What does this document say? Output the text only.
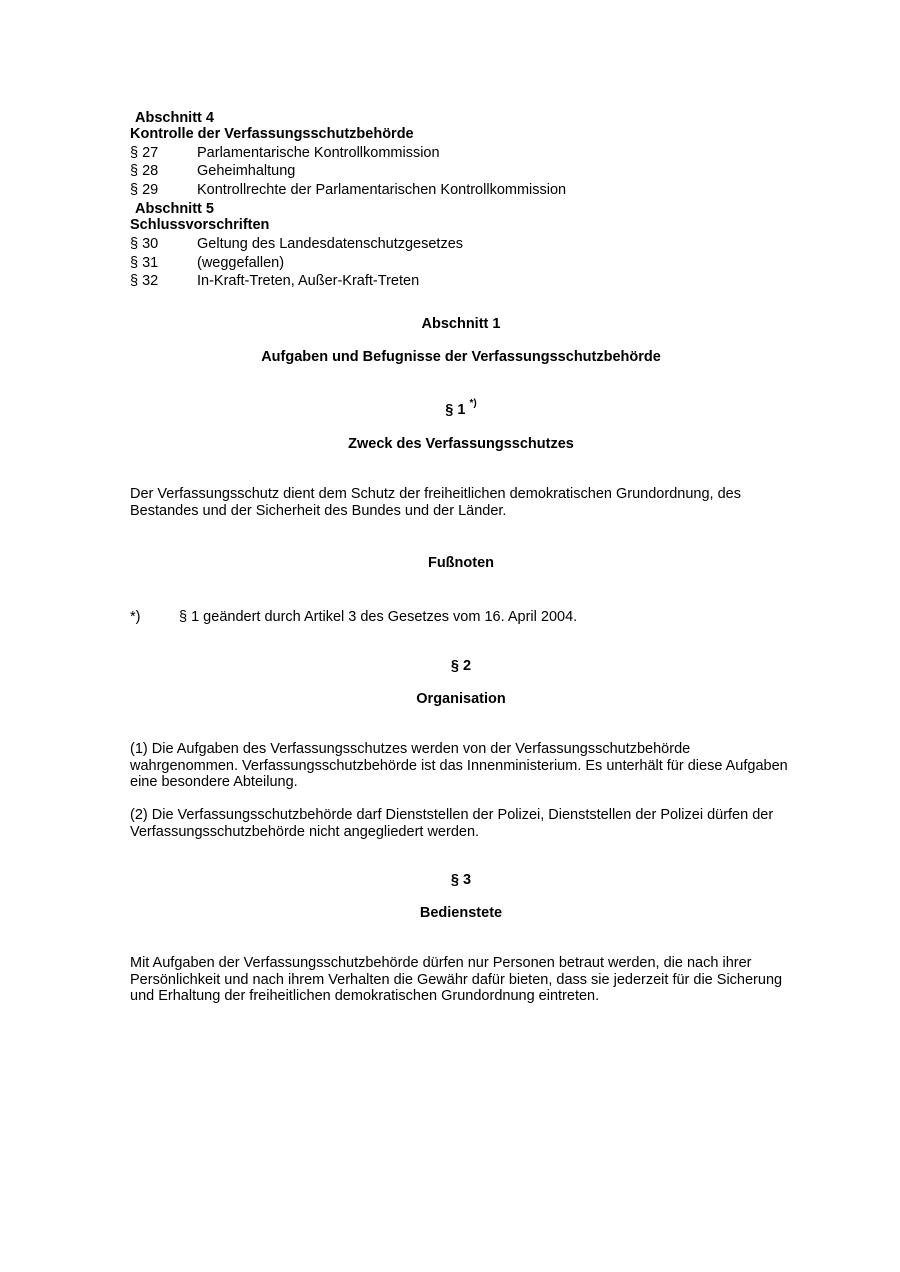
Abschnitt 4
Kontrolle der Verfassungsschutzbehörde
§ 27	Parlamentarische Kontrollkommission
§ 28	Geheimhaltung
§ 29	Kontrollrechte der Parlamentarischen Kontrollkommission
Abschnitt 5
Schlussvorschriften
§ 30	Geltung des Landesdatenschutzgesetzes
§ 31	(weggefallen)
§ 32	In-Kraft-Treten, Außer-Kraft-Treten
Abschnitt 1
Aufgaben und Befugnisse der Verfassungsschutzbehörde
§ 1 *)
Zweck des Verfassungsschutzes
Der Verfassungsschutz dient dem Schutz der freiheitlichen demokratischen Grundordnung, des Bestandes und der Sicherheit des Bundes und der Länder.
Fußnoten
*)	§ 1 geändert durch Artikel 3 des Gesetzes vom 16. April 2004.
§ 2
Organisation
(1) Die Aufgaben des Verfassungsschutzes werden von der Verfassungsschutzbehörde wahrgenommen. Verfassungsschutzbehörde ist das Innenministerium. Es unterhält für diese Aufgaben eine besondere Abteilung.
(2) Die Verfassungsschutzbehörde darf Dienststellen der Polizei, Dienststellen der Polizei dürfen der Verfassungsschutzbehörde nicht angegliedert werden.
§ 3
Bedienstete
Mit Aufgaben der Verfassungsschutzbehörde dürfen nur Personen betraut werden, die nach ihrer Persönlichkeit und nach ihrem Verhalten die Gewähr dafür bieten, dass sie jederzeit für die Sicherung und Erhaltung der freiheitlichen demokratischen Grundordnung eintreten.
